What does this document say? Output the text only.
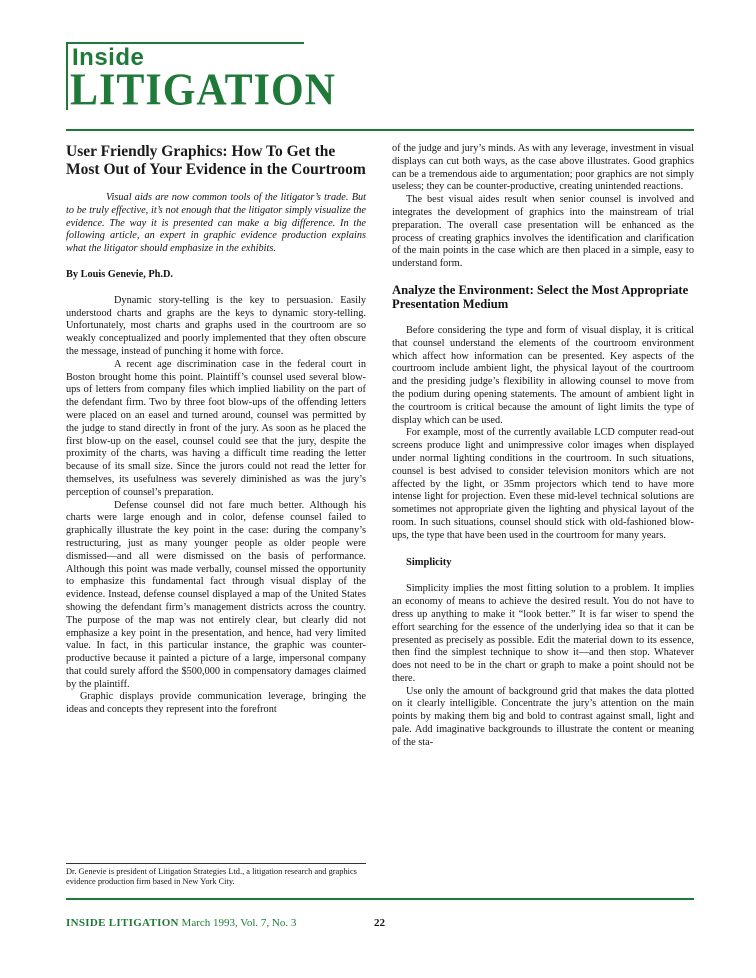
Inside
LITIGATION
User Friendly Graphics: How To Get the Most Out of Your Evidence in the Courtroom

Visual aids are now common tools of the litigator’s trade. But to be truly effective, it’s not enough that the litigator simply visualize the evidence. The way it is presented can make a big difference. In the following article, an expert in graphic evidence production explains what the litigator should emphasize in the exhibits.

By Louis Genevie, Ph.D.

Dynamic story-telling is the key to persuasion. Easily understood charts and graphs are the keys to dynamic story-telling. Unfortunately, most charts and graphs used in the courtroom are so weakly conceptualized and poorly implemented that they often obscure the message, instead of punching it home with force.

A recent age discrimination case in the federal court in Boston brought home this point. Plaintiff’s counsel used several blow-ups of letters from company files which implied liability on the part of the defendant firm. Two by three foot blow-ups of the offending letters were placed on an easel and turned around, counsel was permitted by the judge to stand directly in front of the jury. As soon as he placed the first blow-up on the easel, counsel could see that the jury, despite the proximity of the charts, was having a difficult time reading the letter because of its small size. Since the jurors could not read the letter for themselves, its usefulness was severely diminished as was the jury’s perception of counsel’s preparation.

Defense counsel did not fare much better. Although his charts were large enough and in color, defense counsel failed to graphically illustrate the key point in the case: during the company’s restructuring, just as many younger people as older people were dismissed—and all were dismissed on the basis of performance. Although this point was made verbally, counsel missed the opportunity to emphasize this fundamental fact through visual display of the evidence. Instead, defense counsel displayed a map of the United States showing the defendant firm’s management districts across the country. The purpose of the map was not entirely clear, but clearly did not emphasize a key point in the presentation, and hence, had very limited value. In fact, in this particular instance, the graphic was counter-productive because it painted a picture of a large, impersonal company that could surely afford the $500,000 in compensatory damages claimed by the plaintiff.

Graphic displays provide communication leverage, bringing the ideas and concepts they represent into the forefront

of the judge and jury’s minds. As with any leverage, investment in visual displays can cut both ways, as the case above illustrates. Good graphics can be a tremendous aide to argumentation; poor graphics are not simply useless; they can be counter-productive, creating unintended reactions.

The best visual aides result when senior counsel is involved and integrates the development of graphics into the mainstream of trial preparation. The overall case presentation will be enhanced as the process of creating graphics involves the identification and clarification of the main points in the case which are then placed in a simple, easy to understand form.

Analyze the Environment: Select the Most Appropriate Presentation Medium

Before considering the type and form of visual display, it is critical that counsel understand the elements of the courtroom environment which affect how information can be presented. Key aspects of the courtroom include ambient light, the physical layout of the courtroom and the presiding judge’s flexibility in allowing counsel to move from the podium during opening statements. The amount of ambient light in the courtroom is critical because the amount of light limits the type of display which can be used.

For example, most of the currently available LCD computer read-out screens produce light and unimpressive color images when displayed under normal lighting conditions in the courtroom. In such situations, counsel is best advised to consider television monitors which are not affected by the light, or 35mm projectors which tend to have more intense light for projection. Even these mid-level technical solutions are sometimes not appropriate given the lighting and physical layout of the room. In such situations, counsel should stick with old-fashioned blow-ups, the type that have been used in the courtroom for many years.

Simplicity

Simplicity implies the most fitting solution to a problem. It implies an economy of means to achieve the desired result. You do not have to dress up anything to make it “look better.” It is far wiser to spend the effort searching for the essence of the underlying idea so that it can be presented as precisely as possible. Edit the material down to its essence, then find the simplest technique to show it—and then stop. Whatever does not need to be in the chart or graph to make a point should not be there.

Use only the amount of background grid that makes the data plotted on it clearly intelligible. Concentrate the jury’s attention on the main points by making them big and bold to contrast against small, light and pale. Add imaginative backgrounds to illustrate the content or meaning of the sta-

Dr. Genevie is president of Litigation Strategies Ltd., a litigation research and graphics evidence production firm based in New York City.
INSIDE LITIGATION March 1993, Vol. 7, No. 3	22
